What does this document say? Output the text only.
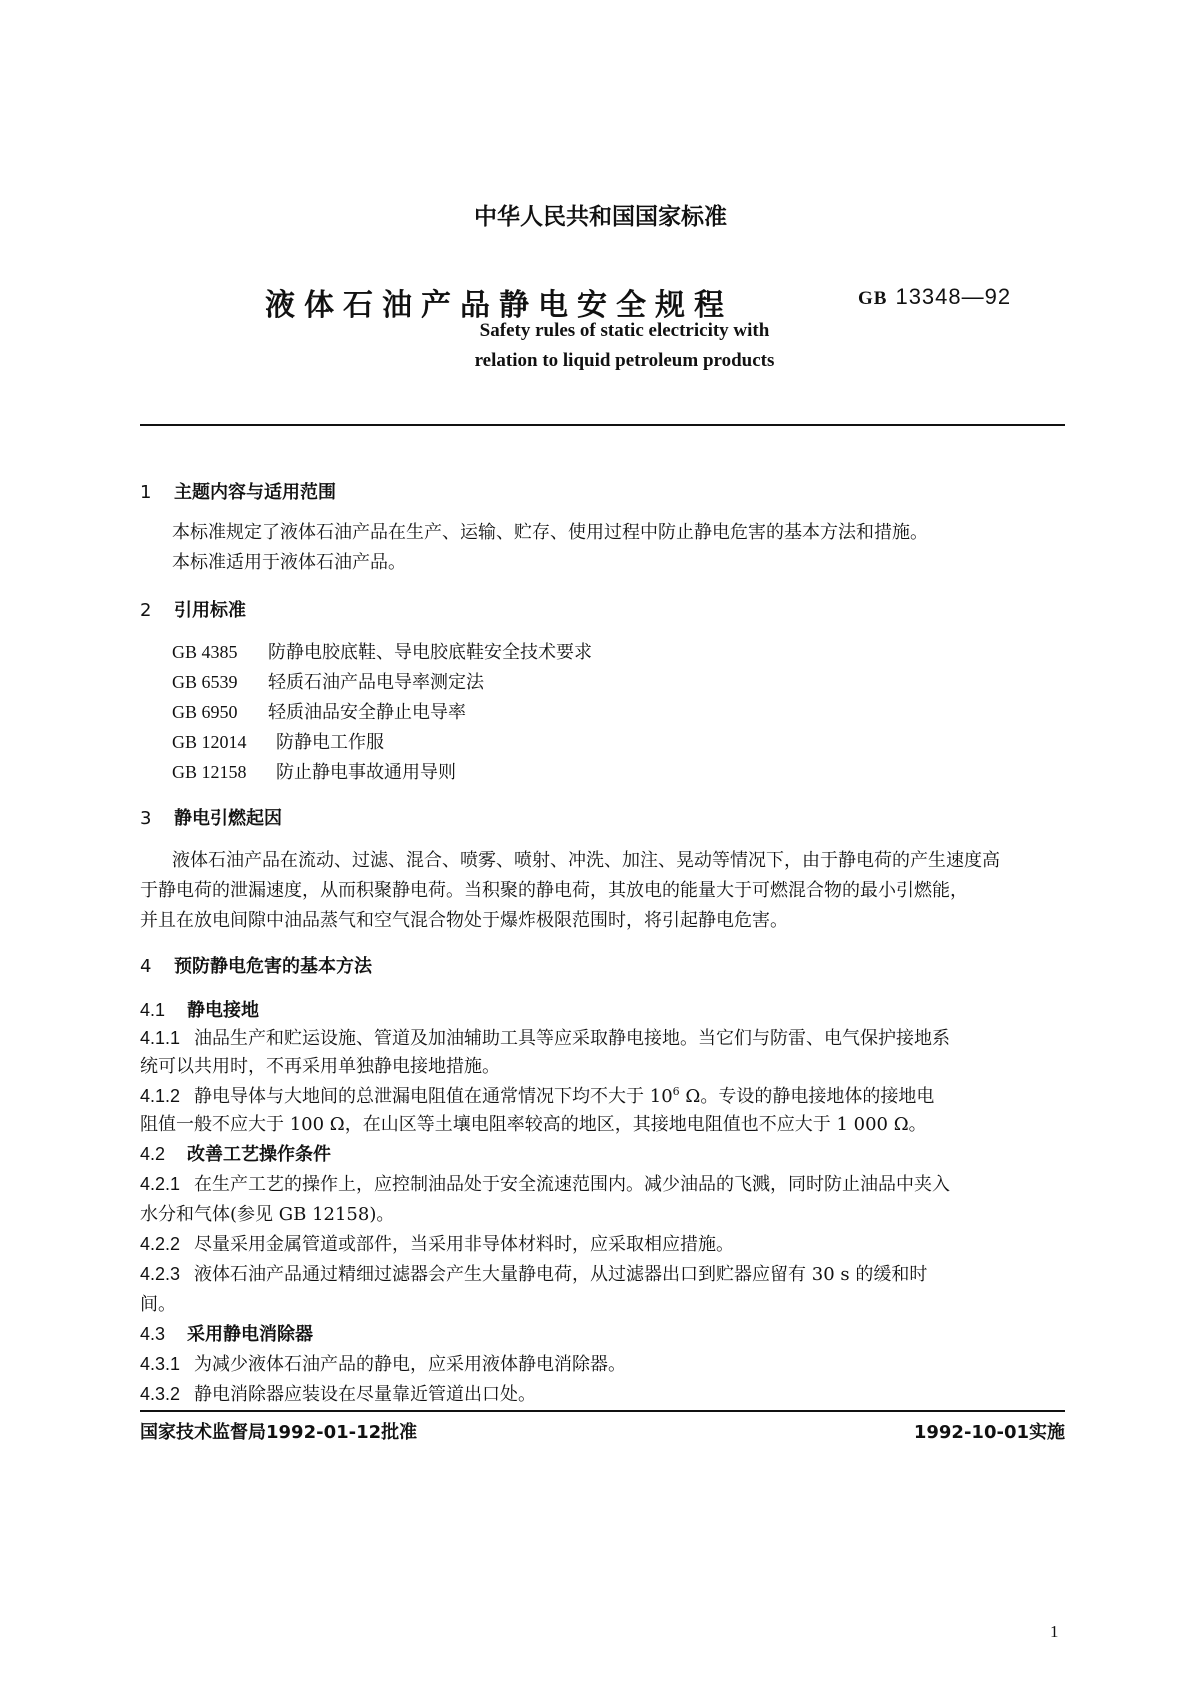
中华人民共和国国家标准
液体石油产品静电安全规程	GB 13348—92
Safety rules of static electricity with
relation to liquid petroleum products
1 主题内容与适用范围
本标准规定了液体石油产品在生产、运输、贮存、使用过程中防止静电危害的基本方法和措施。
本标准适用于液体石油产品。
2 引用标准
GB 4385 防静电胶底鞋、导电胶底鞋安全技术要求
GB 6539 轻质石油产品电导率测定法
GB 6950 轻质油品安全静止电导率
GB 12014 防静电工作服
GB 12158 防止静电事故通用导则
3 静电引燃起因
液体石油产品在流动、过滤、混合、喷雾、喷射、冲洗、加注、晃动等情况下，由于静电荷的产生速度高
于静电荷的泄漏速度，从而积聚静电荷。当积聚的静电荷，其放电的能量大于可燃混合物的最小引燃能，
并且在放电间隙中油品蒸气和空气混合物处于爆炸极限范围时，将引起静电危害。
4 预防静电危害的基本方法
4.1 静电接地
4.1.1 油品生产和贮运设施、管道及加油辅助工具等应采取静电接地。当它们与防雷、电气保护接地系
统可以共用时，不再采用单独静电接地措施。
4.1.2 静电导体与大地间的总泄漏电阻值在通常情况下均不大于 $10^6$ Ω。专设的静电接地体的接地电
阻值一般不应大于 100 Ω，在山区等土壤电阻率较高的地区，其接地电阻值也不应大于 1 000 Ω。
4.2 改善工艺操作条件
4.2.1 在生产工艺的操作上，应控制油品处于安全流速范围内。减少油品的飞溅，同时防止油品中夹入
水分和气体(参见 GB 12158)。
4.2.2 尽量采用金属管道或部件，当采用非导体材料时，应采取相应措施。
4.2.3 液体石油产品通过精细过滤器会产生大量静电荷，从过滤器出口到贮器应留有 30 s 的缓和时
间。
4.3 采用静电消除器
4.3.1 为减少液体石油产品的静电，应采用液体静电消除器。
4.3.2 静电消除器应装设在尽量靠近管道出口处。
国家技术监督局1992-01-12批准	1992-10-01实施
1
